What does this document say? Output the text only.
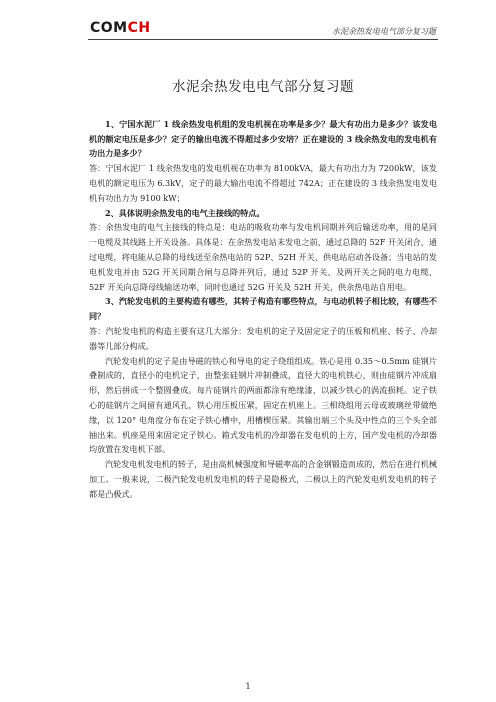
COMCH	水泥余热发电电气部分复习题
水泥余热发电电气部分复习题

1、宁国水泥厂 1 线余热发电机组的发电机视在功率是多少？最大有功出力是多少？该发电机的额定电压是多少？定子的输出电流不得超过多少安培？正在建设的 3 线余热发电的发电机有功出力是多少？

答：宁国水泥厂 1 线余热发电的发电机视在功率为 8100kVA，最大有功出力为 7200kW，该发电机的额定电压为 6.3kV，定子的最大输出电流不得超过 742A；正在建设的 3 线余热发电发电机有功出力为 9100 kW；

2、具体说明余热发电的电气主接线的特点。

答：余热发电的电气主接线的特点是：电站的吸收功率与发电机同期并列后输送功率，用的是同一电缆及其线路上开关设备。具体是：在余热发电站未发电之前，通过总降的 52F 开关闭合，通过电缆，将电能从总降的母线送至余热电站的 52P、52H 开关，供电站启动各设备；当电站的发电机发电并由 52G 开关同期合闸与总降并列后，通过 52P 开关、及两开关之间的电力电缆、52F 开关向总降母线输送功率，同时也通过 52G 开关及 52H 开关，供余热电站自用电。

3、汽轮发电机的主要构造有哪些，其转子构造有哪些特点，与电动机转子相比较，有哪些不同？

答：汽轮发电机的构造主要有这几大部分：发电机的定子及固定定子的压板和机座、转子、冷却器等几部分构成。

汽轮发电机的定子是由导磁的铁心和导电的定子绕组组成。铁心是用 0.35～0.5mm 硅钢片叠制成的，直径小的电机定子，由整张硅钢片冲制叠成，直径大的电机铁心，则由硅钢片冲成扇形，然后拼成一个整圆叠成。每片硅钢片的两面都涂有绝缘漆，以减少铁心的涡流损耗。定子铁心的硅钢片之间留有通风孔，铁心用压板压紧，固定在机座上。三相绕组用云母或玻璃丝带做绝缘，以 120° 电角度分布在定子铁心槽中，用槽楔压紧。其输出端三个头及中性点的三个头全部抽出来。机座是用来固定定子铁心。箱式发电机的冷却器在发电机的上方，国产发电机的冷却器均放置在发电机下部。

汽轮发电机发电机的转子，是由高机械强度和导磁率高的合金钢锻造而成的，然后在进行机械加工。一般来说，二极汽轮发电机发电机的转子是隐极式，二极以上的汽轮发电机发电机的转子都是凸极式。

1
